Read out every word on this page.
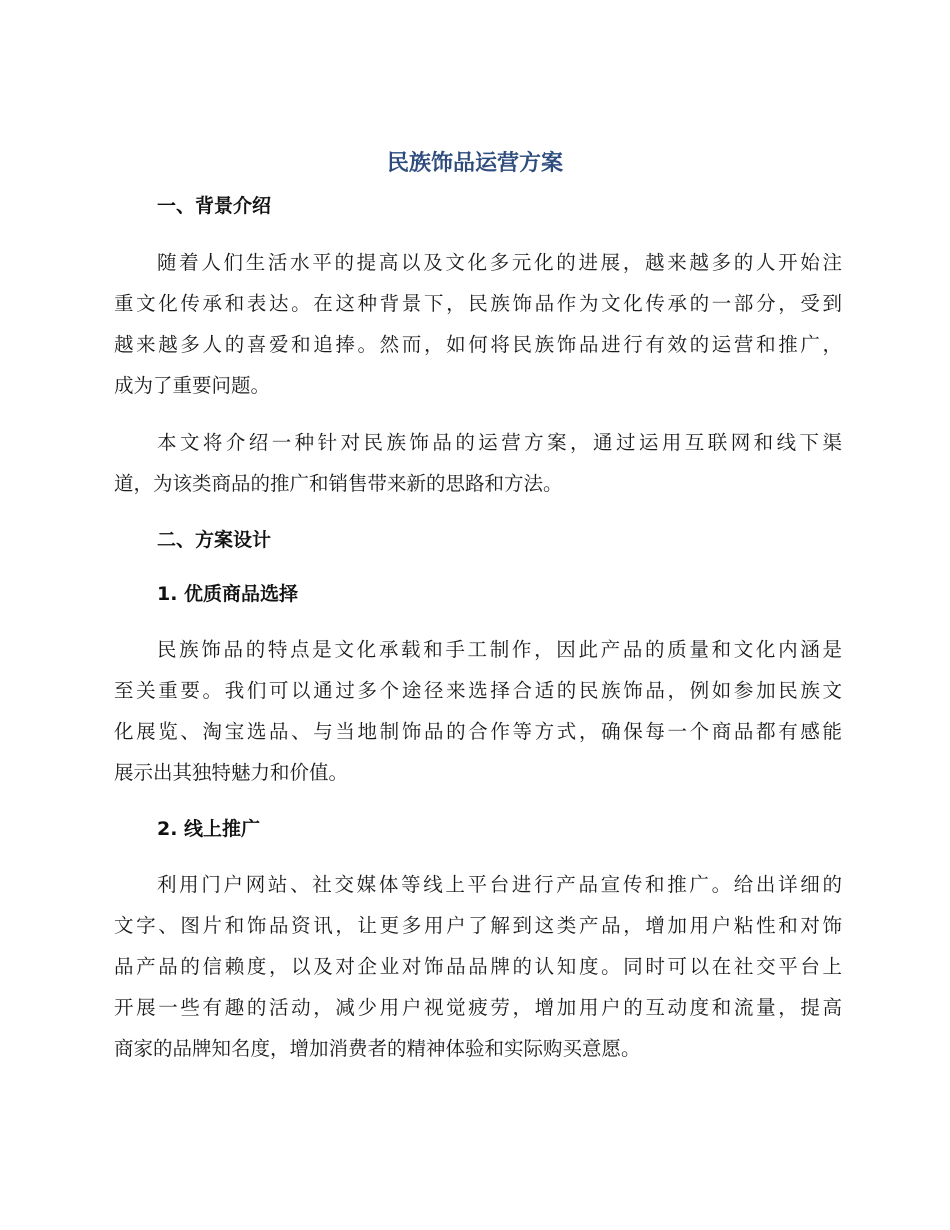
民族饰品运营方案
一、背景介绍
随着人们生活水平的提高以及文化多元化的进展，越来越多的人开始注
重文化传承和表达。在这种背景下，民族饰品作为文化传承的一部分，受到
越来越多人的喜爱和追捧。然而，如何将民族饰品进行有效的运营和推广，
成为了重要问题。
本文将介绍一种针对民族饰品的运营方案，通过运用互联网和线下渠
道，为该类商品的推广和销售带来新的思路和方法。
二、方案设计
1. 优质商品选择
民族饰品的特点是文化承载和手工制作，因此产品的质量和文化内涵是
至关重要。我们可以通过多个途径来选择合适的民族饰品，例如参加民族文
化展览、淘宝选品、与当地制饰品的合作等方式，确保每一个商品都有感能
展示出其独特魅力和价值。
2. 线上推广
利用门户网站、社交媒体等线上平台进行产品宣传和推广。给出详细的
文字、图片和饰品资讯，让更多用户了解到这类产品，增加用户粘性和对饰
品产品的信赖度，以及对企业对饰品品牌的认知度。同时可以在社交平台上
开展一些有趣的活动，减少用户视觉疲劳，增加用户的互动度和流量，提高
商家的品牌知名度，增加消费者的精神体验和实际购买意愿。
